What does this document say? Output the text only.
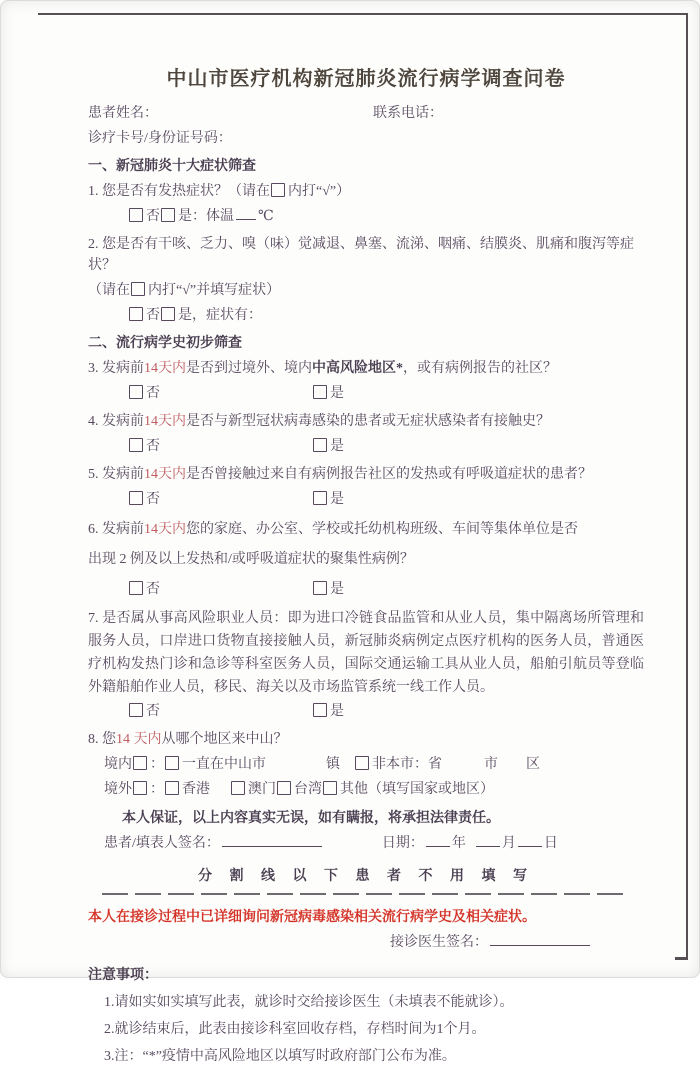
中山市医疗机构新冠肺炎流行病学调查问卷
患者姓名：	联系电话：
诊疗卡号/身份证号码：
一、新冠肺炎十大症状筛查
1. 您是否有发热症状？（请在 内打“√”）
否 是：体温 ℃
2. 您是否有干咳、乏力、嗅（味）觉减退、鼻塞、流涕、咽痛、结膜炎、肌痛和腹泻等症状？
（请在 内打“√”并填写症状）
否 是，症状有：
二、流行病学史初步筛查
3. 发病前14天内是否到过境外、境内中高风险地区*，或有病例报告的社区？
否	是
4. 发病前14天内是否与新型冠状病毒感染的患者或无症状感染者有接触史？
否	是
5. 发病前14天内是否曾接触过来自有病例报告社区的发热或有呼吸道症状的患者？
否	是
6. 发病前14天内您的家庭、办公室、学校或托幼机构班级、车间等集体单位是否
出现 2 例及以上发热和/或呼吸道症状的聚集性病例？
否	是
7. 是否属从事高风险职业人员：即为进口冷链食品监管和从业人员，集中隔离场所管理和服务人员，口岸进口货物直接接触人员，新冠肺炎病例定点医疗机构的医务人员，普通医疗机构发热门诊和急诊等科室医务人员，国际交通运输工具从业人员，船舶引航员等登临外籍船舶作业人员，移民、海关以及市场监管系统一线工作人员。
否	是
8. 您14 天内从哪个地区来中山？
境内 ： 一直在中山市	镇 非本市：省	市 区
境外 ： 香港	澳门 台湾 其他（填写国家或地区）
本人保证，以上内容真实无误，如有瞒报，将承担法律责任。
患者/填表人签名：	日期： 年	月 日
分 割 线 以 下 患 者 不 用 填 写
本人在接诊过程中已详细询问新冠病毒感染相关流行病学史及相关症状。
接诊医生签名：
注意事项：
1.请如实如实填写此表，就诊时交给接诊医生（未填表不能就诊）。
2.就诊结束后，此表由接诊科室回收存档，存档时间为1个月。
3.注：“*”疫情中高风险地区以填写时政府部门公布为准。
